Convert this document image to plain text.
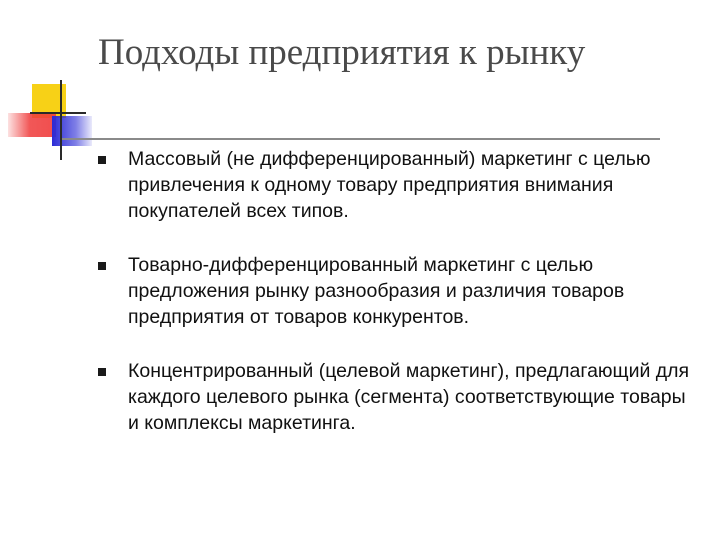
Подходы предприятия к рынку
Массовый (не дифференцированный) маркетинг с целью привлечения к одному товару предприятия внимания покупателей всех типов.
Товарно-дифференцированный маркетинг с целью предложения рынку разнообразия и различия товаров предприятия от товаров конкурентов.
Концентрированный (целевой маркетинг), предлагающий для каждого целевого рынка (сегмента) соответствующие товары и комплексы маркетинга.
